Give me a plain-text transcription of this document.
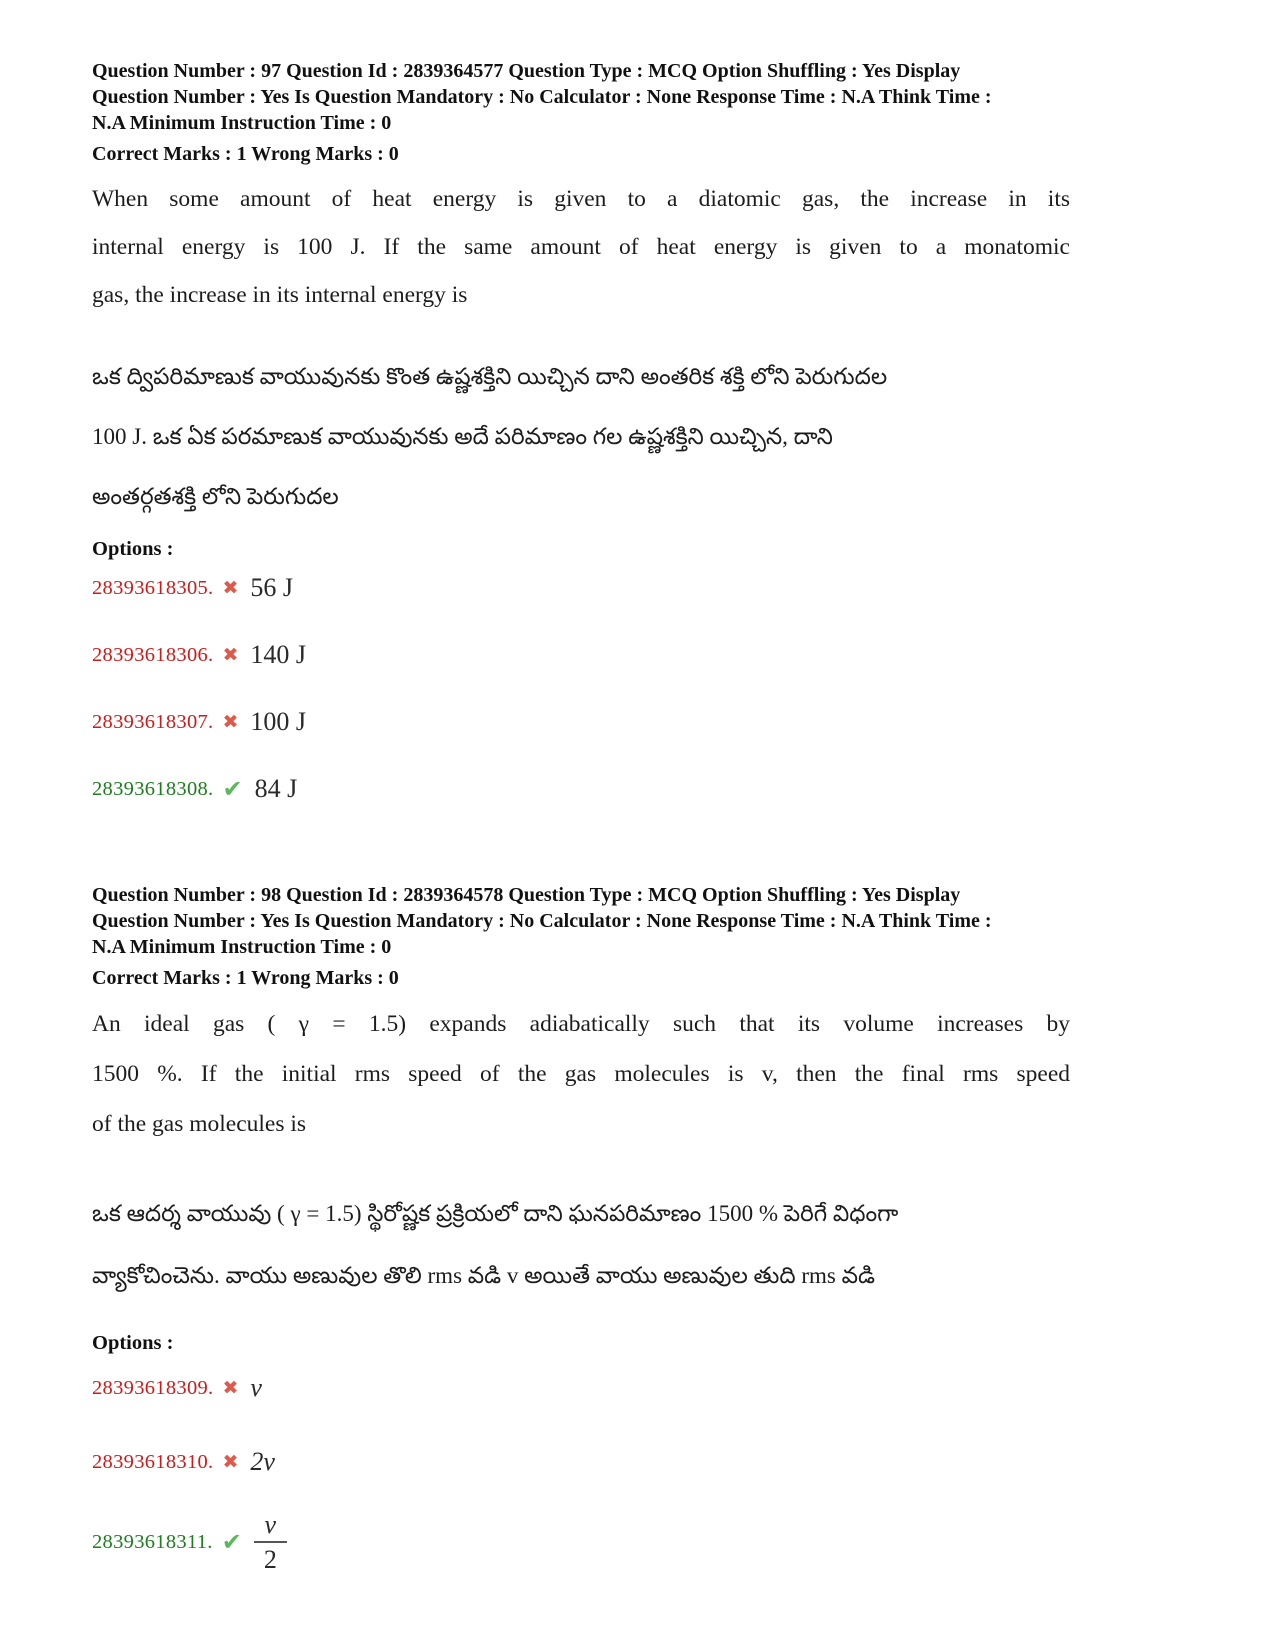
Question Number : 97 Question Id : 2839364577 Question Type : MCQ Option Shuffling : Yes Display
Question Number : Yes Is Question Mandatory : No Calculator : None Response Time : N.A Think Time :
N.A Minimum Instruction Time : 0
Correct Marks : 1 Wrong Marks : 0
When some amount of heat energy is given to a diatomic gas, the increase in its
internal energy is 100 J. If the same amount of heat energy is given to a monatomic
gas, the increase in its internal energy is
ఒక ద్విపరిమాణుక వాయువునకు కొంత ఉష్ణశక్తిని యిచ్చిన దాని అంతరిక శక్తి లోని పెరుగుదల
100 J. ఒక ఏక పరమాణుక వాయువునకు అదే పరిమాణం గల ఉష్ణశక్తిని యిచ్చిన, దాని
అంతర్గతశక్తి లోని పెరుగుదల
Options :
28393618305. ✖ 56 J
28393618306. ✖ 140 J
28393618307. ✖ 100 J
28393618308. ✔ 84 J
Question Number : 98 Question Id : 2839364578 Question Type : MCQ Option Shuffling : Yes Display
Question Number : Yes Is Question Mandatory : No Calculator : None Response Time : N.A Think Time :
N.A Minimum Instruction Time : 0
Correct Marks : 1 Wrong Marks : 0
An ideal gas ( γ = 1.5) expands adiabatically such that its volume increases by
1500 %. If the initial rms speed of the gas molecules is v, then the final rms speed
of the gas molecules is
ఒక ఆదర్శ వాయువు ( γ = 1.5) స్థిరోష్ణక ప్రక్రియలో దాని ఘనపరిమాణం 1500 % పెరిగే విధంగా
వ్యాకోచించెను. వాయు అణువుల తొలి rms వడి v అయితే వాయు అణువుల తుది rms వడి
Options :
28393618309. ✖ v
28393618310. ✖ 2v
28393618311. ✔ $\frac{v}{2}$
